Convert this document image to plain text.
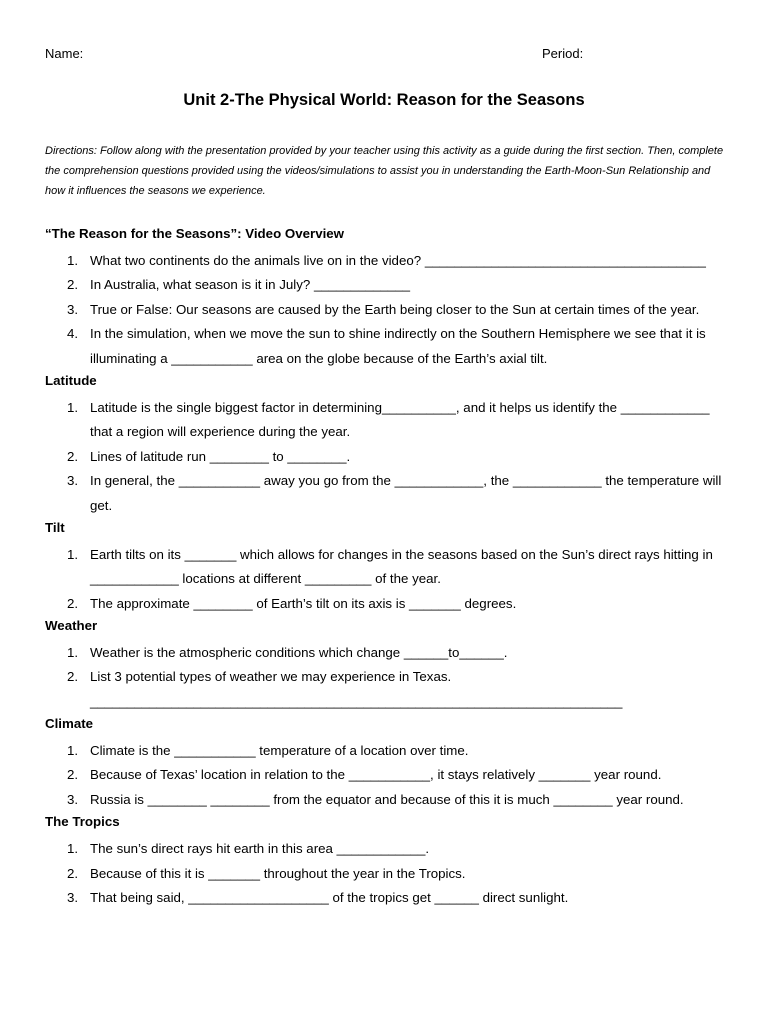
Name:	Period:
Unit 2-The Physical World: Reason for the Seasons
Directions: Follow along with the presentation provided by your teacher using this activity as a guide during the first section. Then, complete the comprehension questions provided using the videos/simulations to assist you in understanding the Earth-Moon-Sun Relationship and how it influences the seasons we experience.
“The Reason for the Seasons”: Video Overview
1. What two continents do the animals live on in the video? ______________________________________
2. In Australia, what season is it in July? _____________
3. True or False: Our seasons are caused by the Earth being closer to the Sun at certain times of the year.
4. In the simulation, when we move the sun to shine indirectly on the Southern Hemisphere we see that it is illuminating a ___________ area on the globe because of the Earth’s axial tilt.
Latitude
1. Latitude is the single biggest factor in determining__________, and it helps us identify the ____________ that a region will experience during the year.
2. Lines of latitude run ________ to ________.
3. In general, the ___________ away you go from the ____________, the ____________ the temperature will get.
Tilt
1. Earth tilts on its _______ which allows for changes in the seasons based on the Sun’s direct rays hitting in ____________ locations at different _________ of the year.
2. The approximate ________ of Earth’s tilt on its axis is _______ degrees.
Weather
1. Weather is the atmospheric conditions which change ______to______.
2. List 3 potential types of weather we may experience in Texas.
________________________________________________________________________
Climate
1. Climate is the ___________ temperature of a location over time.
2. Because of Texas’ location in relation to the ___________, it stays relatively _______ year round.
3. Russia is ________ ________ from the equator and because of this it is much ________ year round.
The Tropics
1. The sun’s direct rays hit earth in this area ____________.
2. Because of this it is _______ throughout the year in the Tropics.
3. That being said, ___________________ of the tropics get ______ direct sunlight.
